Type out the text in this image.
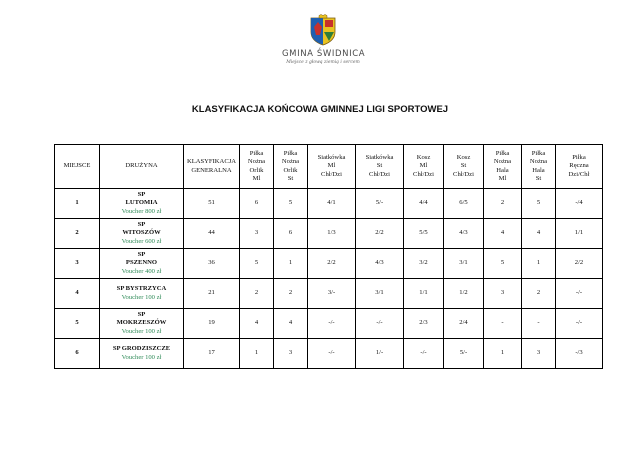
GMINA ŚWIDNICA
Miejsce z głową ziemią i sercem
KLASYFIKACJA KOŃCOWA GMINNEJ LIGI SPORTOWEJ
MIEJSCE	DRUŻYNA	KLASYFIKACJA
GENERALNA	Piłka
Nożna
Orlik
Ml	Piłka
Nożna
Orlik
St	Siatkówka
Ml
Chł/Dzi	Siatkówka
St
Chł/Dzi	Kosz
Ml
Chł/Dzi	Kosz
St
Chł/Dzi	Piłka
Nożna
Hala
Ml	Piłka
Nożna
Hala
St	Piłka
Ręczna
Dzi/Chł
1	SP
LUTOMIA
Voucher 800 zł	51	6	5	4/1	5/-	4/4	6/5	2	5	-/4
2	SP
WITOSZÓW
Voucher 600 zł	44	3	6	1/3	2/2	5/5	4/3	4	4	1/1
3	SP
PSZENNO
Voucher 400 zł	36	5	1	2/2	4/3	3/2	3/1	5	1	2/2
4	SP BYSTRZYCA
Voucher 100 zł	21	2	2	3/-	3/1	1/1	1/2	3	2	-/-
5	SP
MOKRZESZÓW
Voucher 100 zł	19	4	4	-/-	-/-	2/3	2/4	-	-	-/-
6	SP GRODZISZCZE
Voucher 100 zł	17	1	3	-/-	1/-	-/-	5/-	1	3	-/3
